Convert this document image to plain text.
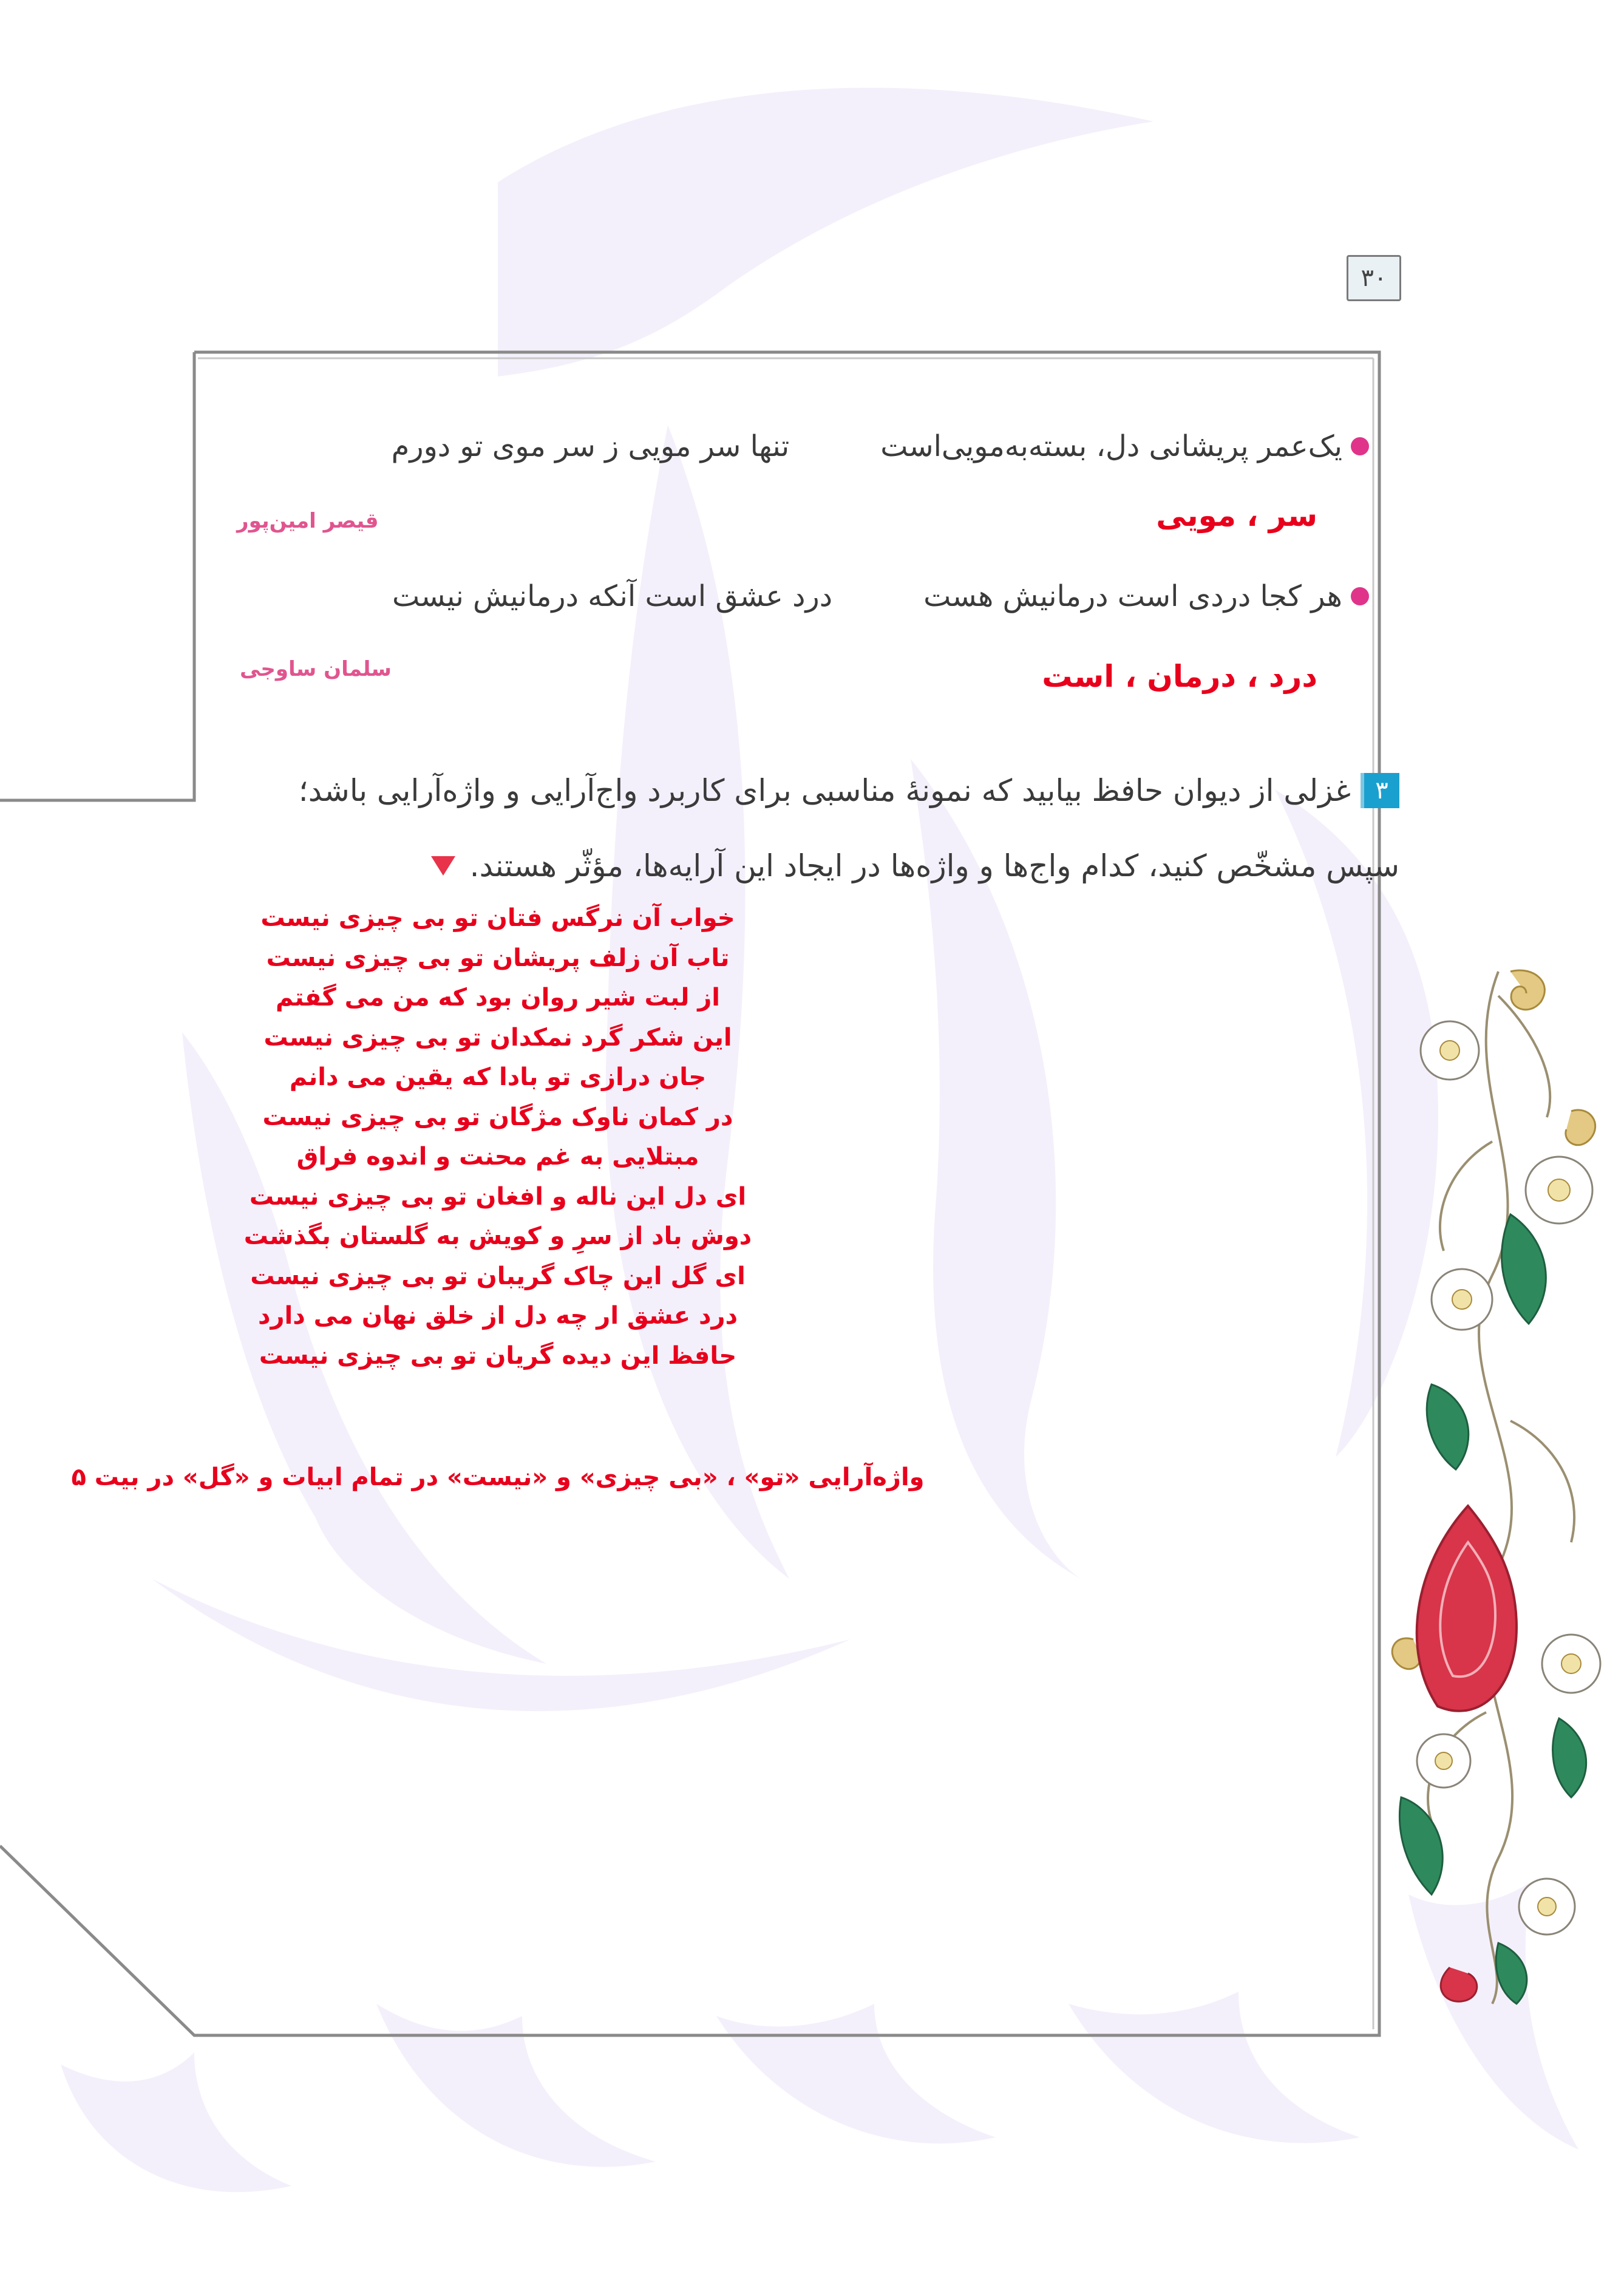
۳۰
یک‌عمر پریشانی دل، بسته‌به‌مویی‌است
تنها سر مویی ز سر موی تو دورم
قیصر امین‌پور	سر ، مویی
هر کجا دردی است درمانیش هست
درد عشق است آنکه درمانیش نیست
سلمان ساوجی	درد ، درمان ، است
۳
غزلی از دیوان حافظ بیابید که نمونهٔ مناسبی برای کاربرد واج‌آرایی و واژه‌آرایی باشد؛
سپس مشخّص کنید، کدام واج‌ها و واژه‌ها در ایجاد این آرایه‌ها، مؤثّر هستند.
خواب آن نرگس فتان تو بی چیزی نیست
تاب آن زلف پریشان تو بی چیزی نیست
از لبت شیر روان بود که من می گفتم
این شکر گرد نمکدان تو بی چیزی نیست
جان درازی تو بادا که یقین می دانم
در کمان ناوک مژگان تو بی چیزی نیست
مبتلایی به غم محنت و اندوه فراق
ای دل این ناله و افغان تو بی چیزی نیست
دوش باد از سرِ و کویش به گلستان بگذشت
ای گل این چاک گریبان تو بی چیزی نیست
درد عشق ار چه دل از خلق نهان می دارد
حافظ این دیده گریان تو بی چیزی نیست
واژه‌آرایی «تو» ، «بی چیزی» و «نیست» در تمام ابیات و «گل» در بیت ۵
